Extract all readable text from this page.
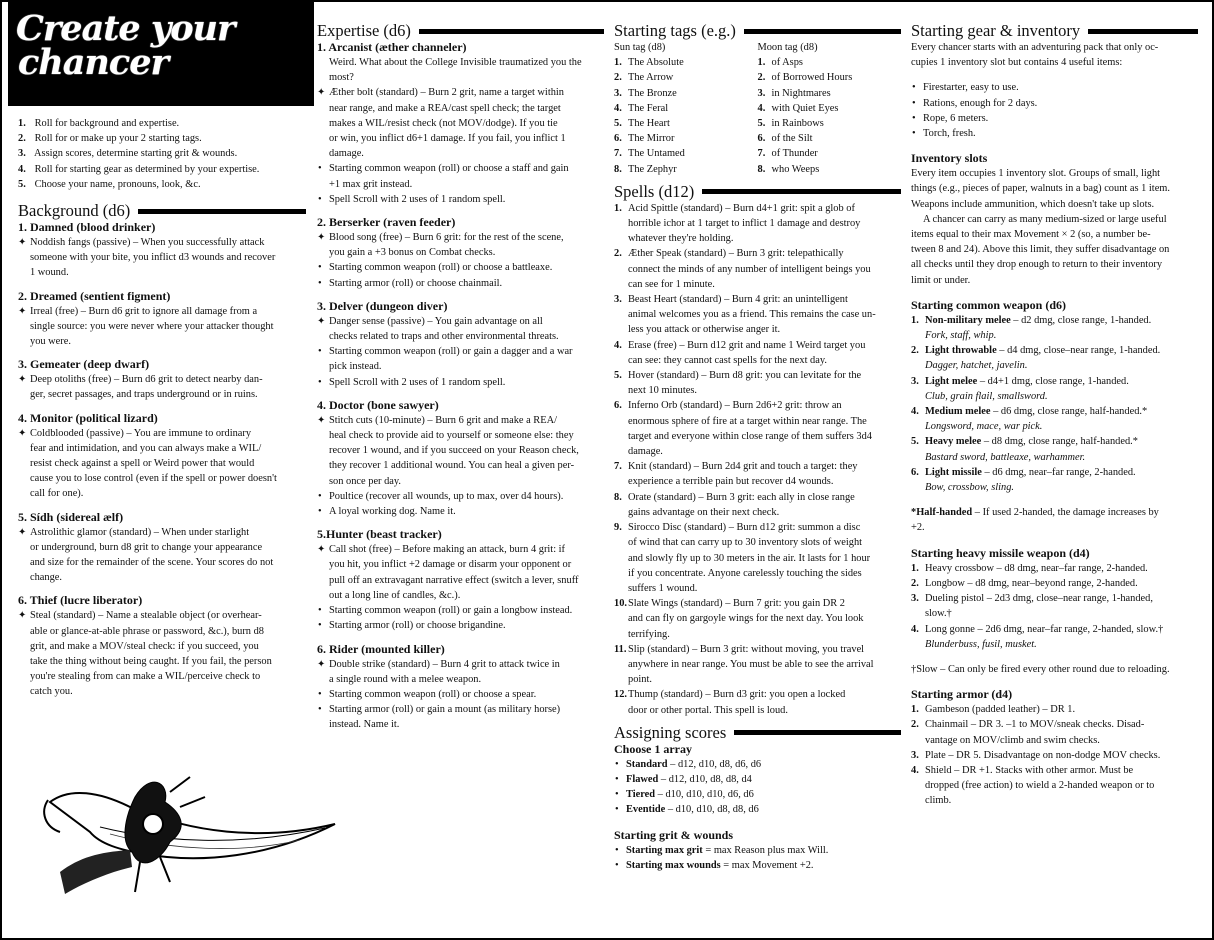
Create your
chancer
1. Roll for background and expertise.
2. Roll for or make up your 2 starting tags.
3. Assign scores, determine starting grit & wounds.
4. Roll for starting gear as determined by your expertise.
5. Choose your name, pronouns, look, &c.
Background (d6)
1. Damned (blood drinker)
✦ Noddish fangs (passive) – When you successfully attack
someone with your bite, you inflict d3 wounds and recover
1 wound.
2. Dreamed (sentient figment)
✦ Irreal (free) – Burn d6 grit to ignore all damage from a
single source: you were never where your attacker thought
you were.
3. Gemeater (deep dwarf)
✦ Deep otoliths (free) – Burn d6 grit to detect nearby dan-
ger, secret passages, and traps underground or in ruins.
4. Monitor (political lizard)
✦ Coldblooded (passive) – You are immune to ordinary
fear and intimidation, and you can always make a WIL/
resist check against a spell or Weird power that would
cause you to lose control (even if the spell or power doesn't
call for one).
5. Sídh (sidereal ælf)
✦ Astrolithic glamor (standard) – When under starlight
or underground, burn d8 grit to change your appearance
and size for the remainder of the scene. Your scores do not
change.
6. Thief (lucre liberator)
✦ Steal (standard) – Name a stealable object (or overhear-
able or glance-at-able phrase or password, &c.), burn d8
grit, and make a MOV/steal check: if you succeed, you
take the thing without being caught. If you fail, the person
you're stealing from can make a WIL/perceive check to
catch you.
Expertise (d6)
1. Arcanist (æther channeler)
Weird. What about the College Invisible traumatized you the
most?
✦ Æther bolt (standard) – Burn 2 grit, name a target within
near range, and make a REA/cast spell check; the target
makes a WIL/resist check (not MOV/dodge). If you tie
or win, you inflict d6+1 damage. If you fail, you inflict 1
damage.
• Starting common weapon (roll) or choose a staff and gain
+1 max grit instead.
• Spell Scroll with 2 uses of 1 random spell.
2. Berserker (raven feeder)
✦ Blood song (free) – Burn 6 grit: for the rest of the scene,
you gain a +3 bonus on Combat checks.
• Starting common weapon (roll) or choose a battleaxe.
• Starting armor (roll) or choose chainmail.
3. Delver (dungeon diver)
✦ Danger sense (passive) – You gain advantage on all
checks related to traps and other environmental threats.
• Starting common weapon (roll) or gain a dagger and a war
pick instead.
• Spell Scroll with 2 uses of 1 random spell.
4. Doctor (bone sawyer)
✦ Stitch cuts (10-minute) – Burn 6 grit and make a REA/
heal check to provide aid to yourself or someone else: they
recover 1 wound, and if you succeed on your Reason check,
they recover 1 additional wound. You can heal a given per-
son once per day.
• Poultice (recover all wounds, up to max, over d4 hours).
• A loyal working dog. Name it.
5.Hunter (beast tracker)
✦ Call shot (free) – Before making an attack, burn 4 grit: if
you hit, you inflict +2 damage or disarm your opponent or
pull off an extravagant narrative effect (switch a lever, snuff
out a long line of candles, &c.).
• Starting common weapon (roll) or gain a longbow instead.
• Starting armor (roll) or choose brigandine.
6. Rider (mounted killer)
✦ Double strike (standard) – Burn 4 grit to attack twice in
a single round with a melee weapon.
• Starting common weapon (roll) or choose a spear.
• Starting armor (roll) or gain a mount (as military horse)
instead. Name it.
Starting tags (e.g.)
Sun tag (d8)
1. The Absolute
2. The Arrow
3. The Bronze
4. The Feral
5. The Heart
6. The Mirror
7. The Untamed
8. The Zephyr
Moon tag (d8)
1. of Asps
2. of Borrowed Hours
3. in Nightmares
4. with Quiet Eyes
5. in Rainbows
6. of the Silt
7. of Thunder
8. who Weeps
Spells (d12)
1. Acid Spittle (standard) – Burn d4+1 grit: spit a glob of
horrible ichor at 1 target to inflict 1 damage and destroy
whatever they're holding.
2. Æther Speak (standard) – Burn 3 grit: telepathically
connect the minds of any number of intelligent beings you
can see for 1 minute.
3. Beast Heart (standard) – Burn 4 grit: an unintelligent
animal welcomes you as a friend. This remains the case un-
less you attack or otherwise anger it.
4. Erase (free) – Burn d12 grit and name 1 Weird target you
can see: they cannot cast spells for the next day.
5. Hover (standard) – Burn d8 grit: you can levitate for the
next 10 minutes.
6. Inferno Orb (standard) – Burn 2d6+2 grit: throw an
enormous sphere of fire at a target within near range. The
target and everyone within close range of them suffers 3d4
damage.
7. Knit (standard) – Burn 2d4 grit and touch a target: they
experience a terrible pain but recover d4 wounds.
8. Orate (standard) – Burn 3 grit: each ally in close range
gains advantage on their next check.
9. Sirocco Disc (standard) – Burn d12 grit: summon a disc
of wind that can carry up to 30 inventory slots of weight
and slowly fly up to 30 meters in the air. It lasts for 1 hour
if you concentrate. Anyone carelessly touching the sides
suffers 1 wound.
10. Slate Wings (standard) – Burn 7 grit: you gain DR 2
and can fly on gargoyle wings for the next day. You look
terrifying.
11. Slip (standard) – Burn 3 grit: without moving, you travel
anywhere in near range. You must be able to see the arrival
point.
12. Thump (standard) – Burn d3 grit: you open a locked
door or other portal. This spell is loud.
Assigning scores
Choose 1 array
• Standard – d12, d10, d8, d6, d6
• Flawed – d12, d10, d8, d8, d4
• Tiered – d10, d10, d10, d6, d6
• Eventide – d10, d10, d8, d8, d6
Starting grit & wounds
• Starting max grit = max Reason plus max Will.
• Starting max wounds = max Movement +2.
Starting gear & inventory
Every chancer starts with an adventuring pack that only oc-
cupies 1 inventory slot but contains 4 useful items:
• Firestarter, easy to use.
• Rations, enough for 2 days.
• Rope, 6 meters.
• Torch, fresh.
Inventory slots
Every item occupies 1 inventory slot. Groups of small, light
things (e.g., pieces of paper, walnuts in a bag) count as 1 item.
Weapons include ammunition, which doesn't take up slots.
A chancer can carry as many medium-sized or large useful
items equal to their max Movement × 2 (so, a number be-
tween 8 and 24). Above this limit, they suffer disadvantage on
all checks until they drop enough to return to their inventory
limit or under.
Starting common weapon (d6)
1. Non-military melee – d2 dmg, close range, 1-handed.
Fork, staff, whip.
2. Light throwable – d4 dmg, close–near range, 1-handed.
Dagger, hatchet, javelin.
3. Light melee – d4+1 dmg, close range, 1-handed.
Club, grain flail, smallsword.
4. Medium melee – d6 dmg, close range, half-handed.*
Longsword, mace, war pick.
5. Heavy melee – d8 dmg, close range, half-handed.*
Bastard sword, battleaxe, warhammer.
6. Light missile – d6 dmg, near–far range, 2-handed.
Bow, crossbow, sling.
*Half-handed – If used 2-handed, the damage increases by
+2.
Starting heavy missile weapon (d4)
1. Heavy crossbow – d8 dmg, near–far range, 2-handed.
2. Longbow – d8 dmg, near–beyond range, 2-handed.
3. Dueling pistol – 2d3 dmg, close–near range, 1-handed,
slow.†
4. Long gonne – 2d6 dmg, near–far range, 2-handed, slow.†
Blunderbuss, fusil, musket.
†Slow – Can only be fired every other round due to reloading.
Starting armor (d4)
1. Gambeson (padded leather) – DR 1.
2. Chainmail – DR 3. –1 to MOV/sneak checks. Disad-
vantage on MOV/climb and swim checks.
3. Plate – DR 5. Disadvantage on non-dodge MOV checks.
4. Shield – DR +1. Stacks with other armor. Must be
dropped (free action) to wield a 2-handed weapon or to
climb.
